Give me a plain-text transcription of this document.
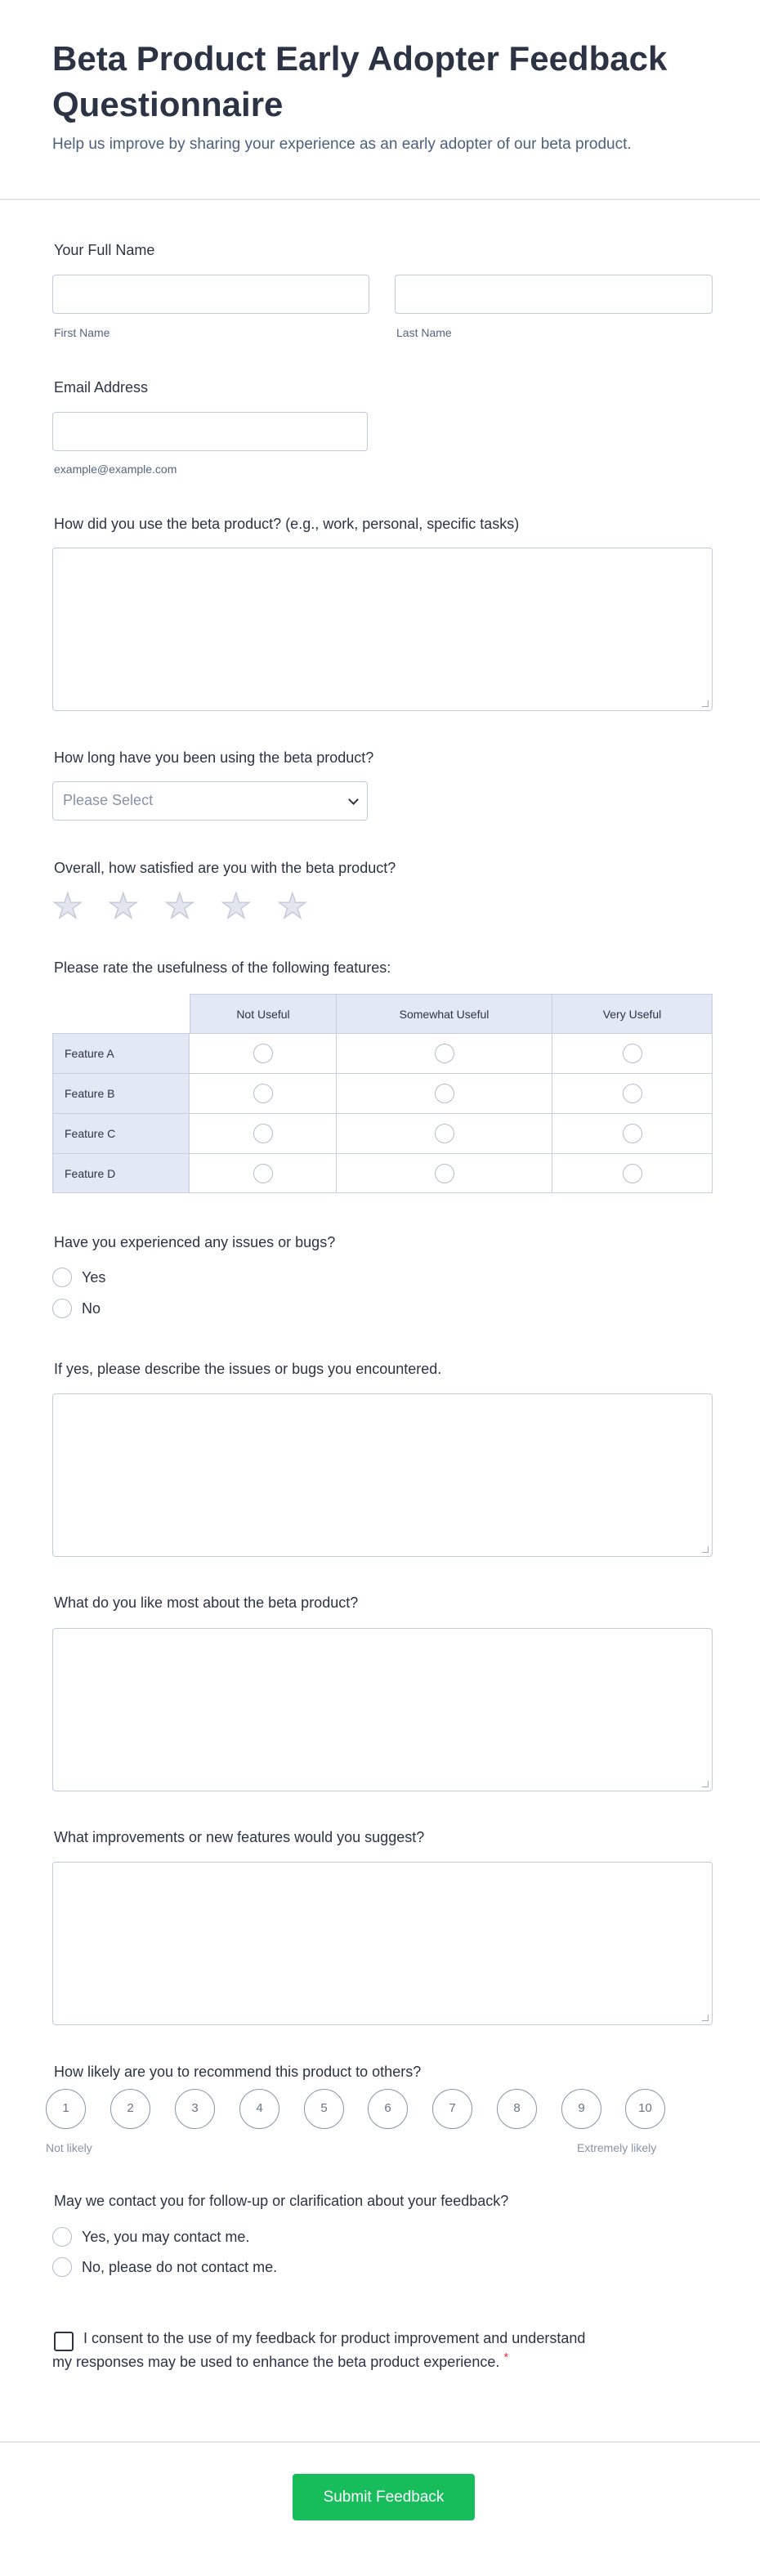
Beta Product Early Adopter Feedback Questionnaire
Help us improve by sharing your experience as an early adopter of our beta product.
Your Full Name
First Name	Last Name
Email Address
example@example.com
How did you use the beta product? (e.g., work, personal, specific tasks)
How long have you been using the beta product?
Please Select
Overall, how satisfied are you with the beta product?
★ ★ ★ ★ ★
Please rate the usefulness of the following features:
	Not Useful	Somewhat Useful	Very Useful
Feature A			
Feature B			
Feature C			
Feature D			
Have you experienced any issues or bugs?
Yes
No
If yes, please describe the issues or bugs you encountered.
What do you like most about the beta product?
What improvements or new features would you suggest?
How likely are you to recommend this product to others?
1	2	3	4	5	6	7	8	9	10
Not likely	Extremely likely
May we contact you for follow-up or clarification about your feedback?
Yes, you may contact me.
No, please do not contact me.
I consent to the use of my feedback for product improvement and understand my responses may be used to enhance the beta product experience. *
Submit Feedback
